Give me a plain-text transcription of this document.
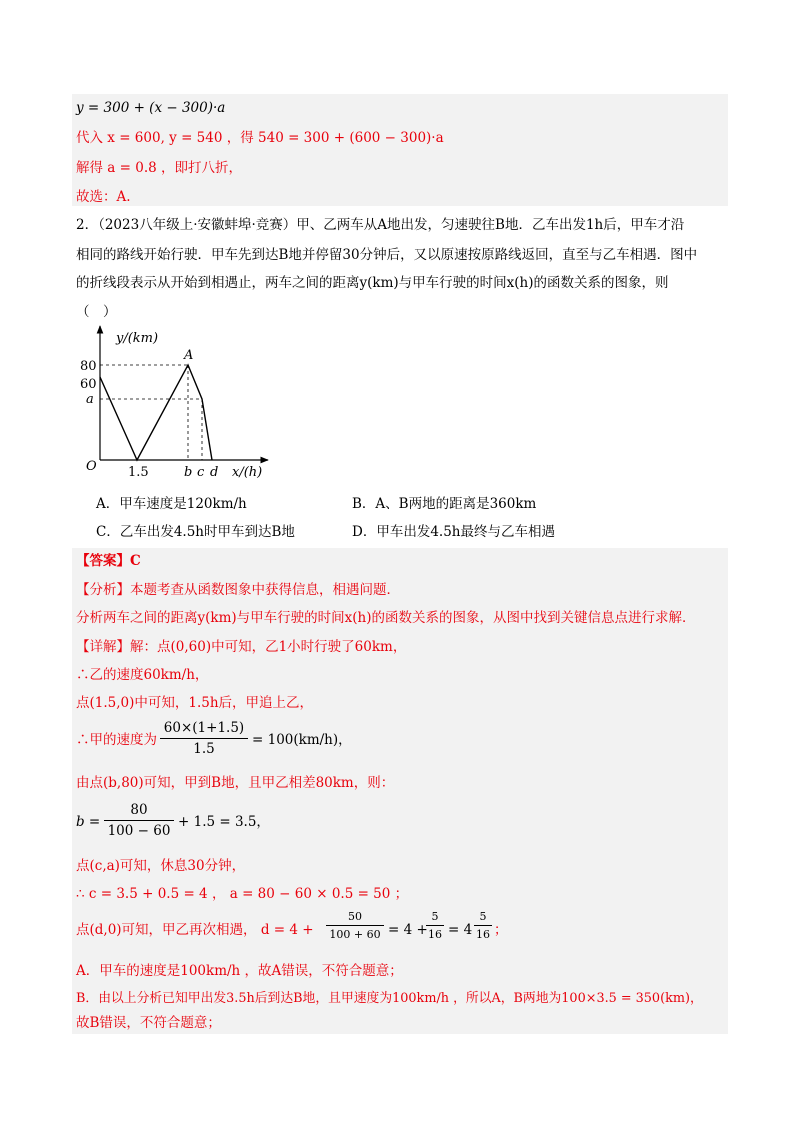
y = 300 + (x − 300)·a
代入 x = 600, y = 540 ，得 540 = 300 + (600 − 300)·a
解得 a = 0.8 ，即打八折，
故选：A.
2．（2023八年级上·安徽蚌埠·竞赛）甲、乙两车从A地出发，匀速驶往B地．乙车出发1h后，甲车才沿
相同的路线开始行驶．甲车先到达B地并停留30分钟后，又以原速按原路线返回，直至与乙车相遇．图中
的折线段表示从开始到相遇止，两车之间的距离y(km)与甲车行驶的时间x(h)的函数关系的图象，则
（　）
y/(km)
x/(h)
O
A
80
60
a
1.5	b c d
A．甲车速度是120km/h	B．A、B两地的距离是360km
C．乙车出发4.5h时甲车到达B地	D．甲车出发4.5h最终与乙车相遇
【答案】C
【分析】本题考查从函数图象中获得信息，相遇问题．
分析两车之间的距离y(km)与甲车行驶的时间x(h)的函数关系的图象，从图中找到关键信息点进行求解．
【详解】解：点(0,60)中可知，乙1小时行驶了60km，
∴乙的速度60km/h，
点(1.5,0)中可知，1.5h后，甲追上乙，
∴甲的速度为 $\frac{60\times(1+1.5)}{1.5} = 100(km/h)$，
由点(b,80)可知，甲到B地，且甲乙相差80km，则：
$b = \frac{80}{100 - 60} + 1.5 = 3.5$，
点(c,a)可知，休息30分钟，
∴ c = 3.5 + 0.5 = 4 ， a = 80 − 60 × 0.5 = 50 ；
点(d,0)可知，甲乙再次相遇， $d = 4 + \frac{50}{100 + 60} = 4$ +
$\frac{5}{16} = 4 \frac{5}{16}$ ；
A．甲车的速度是100km/h ，故A错误，不符合题意；
B．由以上分析已知甲出发3.5h后到达B地，且甲速度为100km/h ，所以A，B两地为100×3.5 = 350(km)，
故B错误，不符合题意；
